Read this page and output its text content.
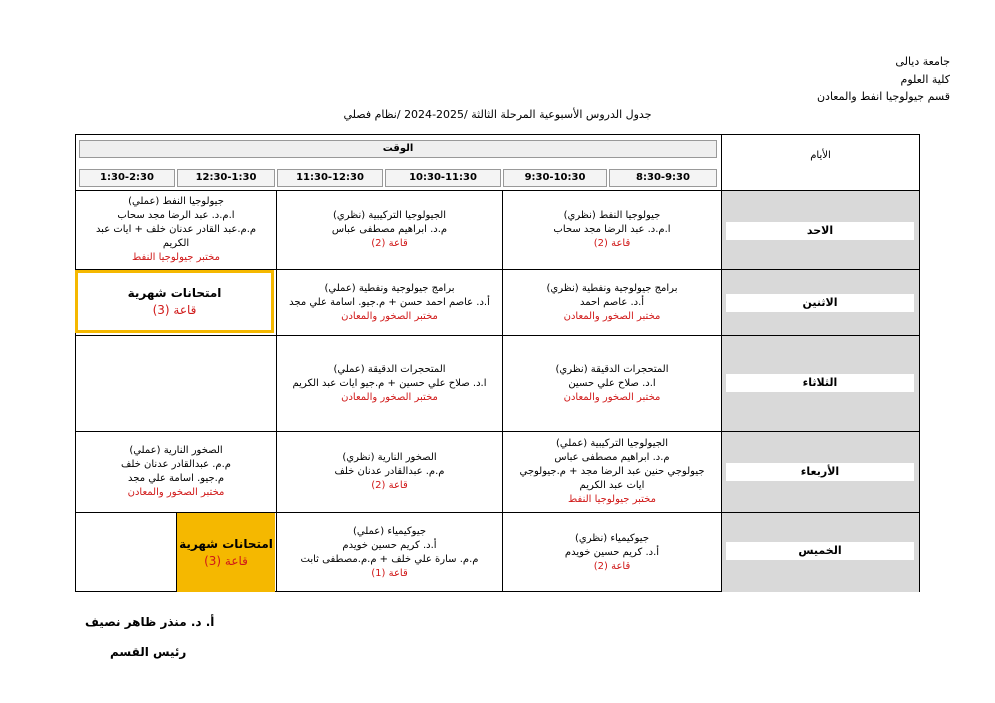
جامعة ديالى
كلية العلوم
قسم جيولوجيا انفط والمعادن
جدول الدروس الأسبوعية المرحلة الثالثة /2025-2024 /نظام فصلي
الأيام
الوقت
8:30-9:30
9:30-10:30
10:30-11:30
11:30-12:30
12:30-1:30
1:30-2:30
الاحد
الاثنين
الثلاثاء
الأربعاء
الخميس
جيولوجيا النفط (نظري)
ا.م.د. عبد الرضا مجد سحاب
قاعة (2)
الجيولوجيا التركيبية (نظري)
م.د. ابراهيم مصطفى عباس
قاعة (2)
جيولوجيا النفط (عملي)
ا.م.د. عبد الرضا مجد سحاب
م.م.عبد القادر عدنان خلف + ايات عبد
الكريم
مختبر جيولوجيا النفط
برامج جيولوجية ونفطية (نظري)
أ.د. عاصم احمد
مختبر الصخور والمعادن
برامج جيولوجية ونفطية (عملي)
أ.د. عاصم احمد حسن + م.جيو. اسامة علي مجد
مختبر الصخور والمعادن
امتحانات شهرية
قاعة (3)
المتحجرات الدقيقة (نظري)
ا.د. صلاح علي حسين
مختبر الصخور والمعادن
المتحجرات الدقيقة (عملي)
ا.د. صلاح علي حسين + م.جيو ايات عبد الكريم
مختبر الصخور والمعادن
الجيولوجيا التركيبية (عملي)
م.د. ابراهيم مصطفى عباس
جيولوجي حنين عبد الرضا مجد + م.جيولوجي
ايات عبد الكريم
مختبر جيولوجيا النفط
الصخور النارية (نظري)
م.م. عبدالقادر عدنان خلف
قاعة (2)
الصخور النارية (عملي)
م.م. عبدالقادر عدنان خلف
م.جيو. اسامة علي مجد
مختبر الصخور والمعادن
جيوكيمياء (نظري)
أ.د. كريم حسين خويدم
قاعة (2)
جيوكيمياء (عملي)
أ.د. كريم حسين خويدم
م.م. سارة علي خلف + م.م.مصطفى ثابت
قاعة (1)
امتحانات شهرية
قاعة (3)
أ. د. منذر ظاهر نصيف
رئيس القسم
